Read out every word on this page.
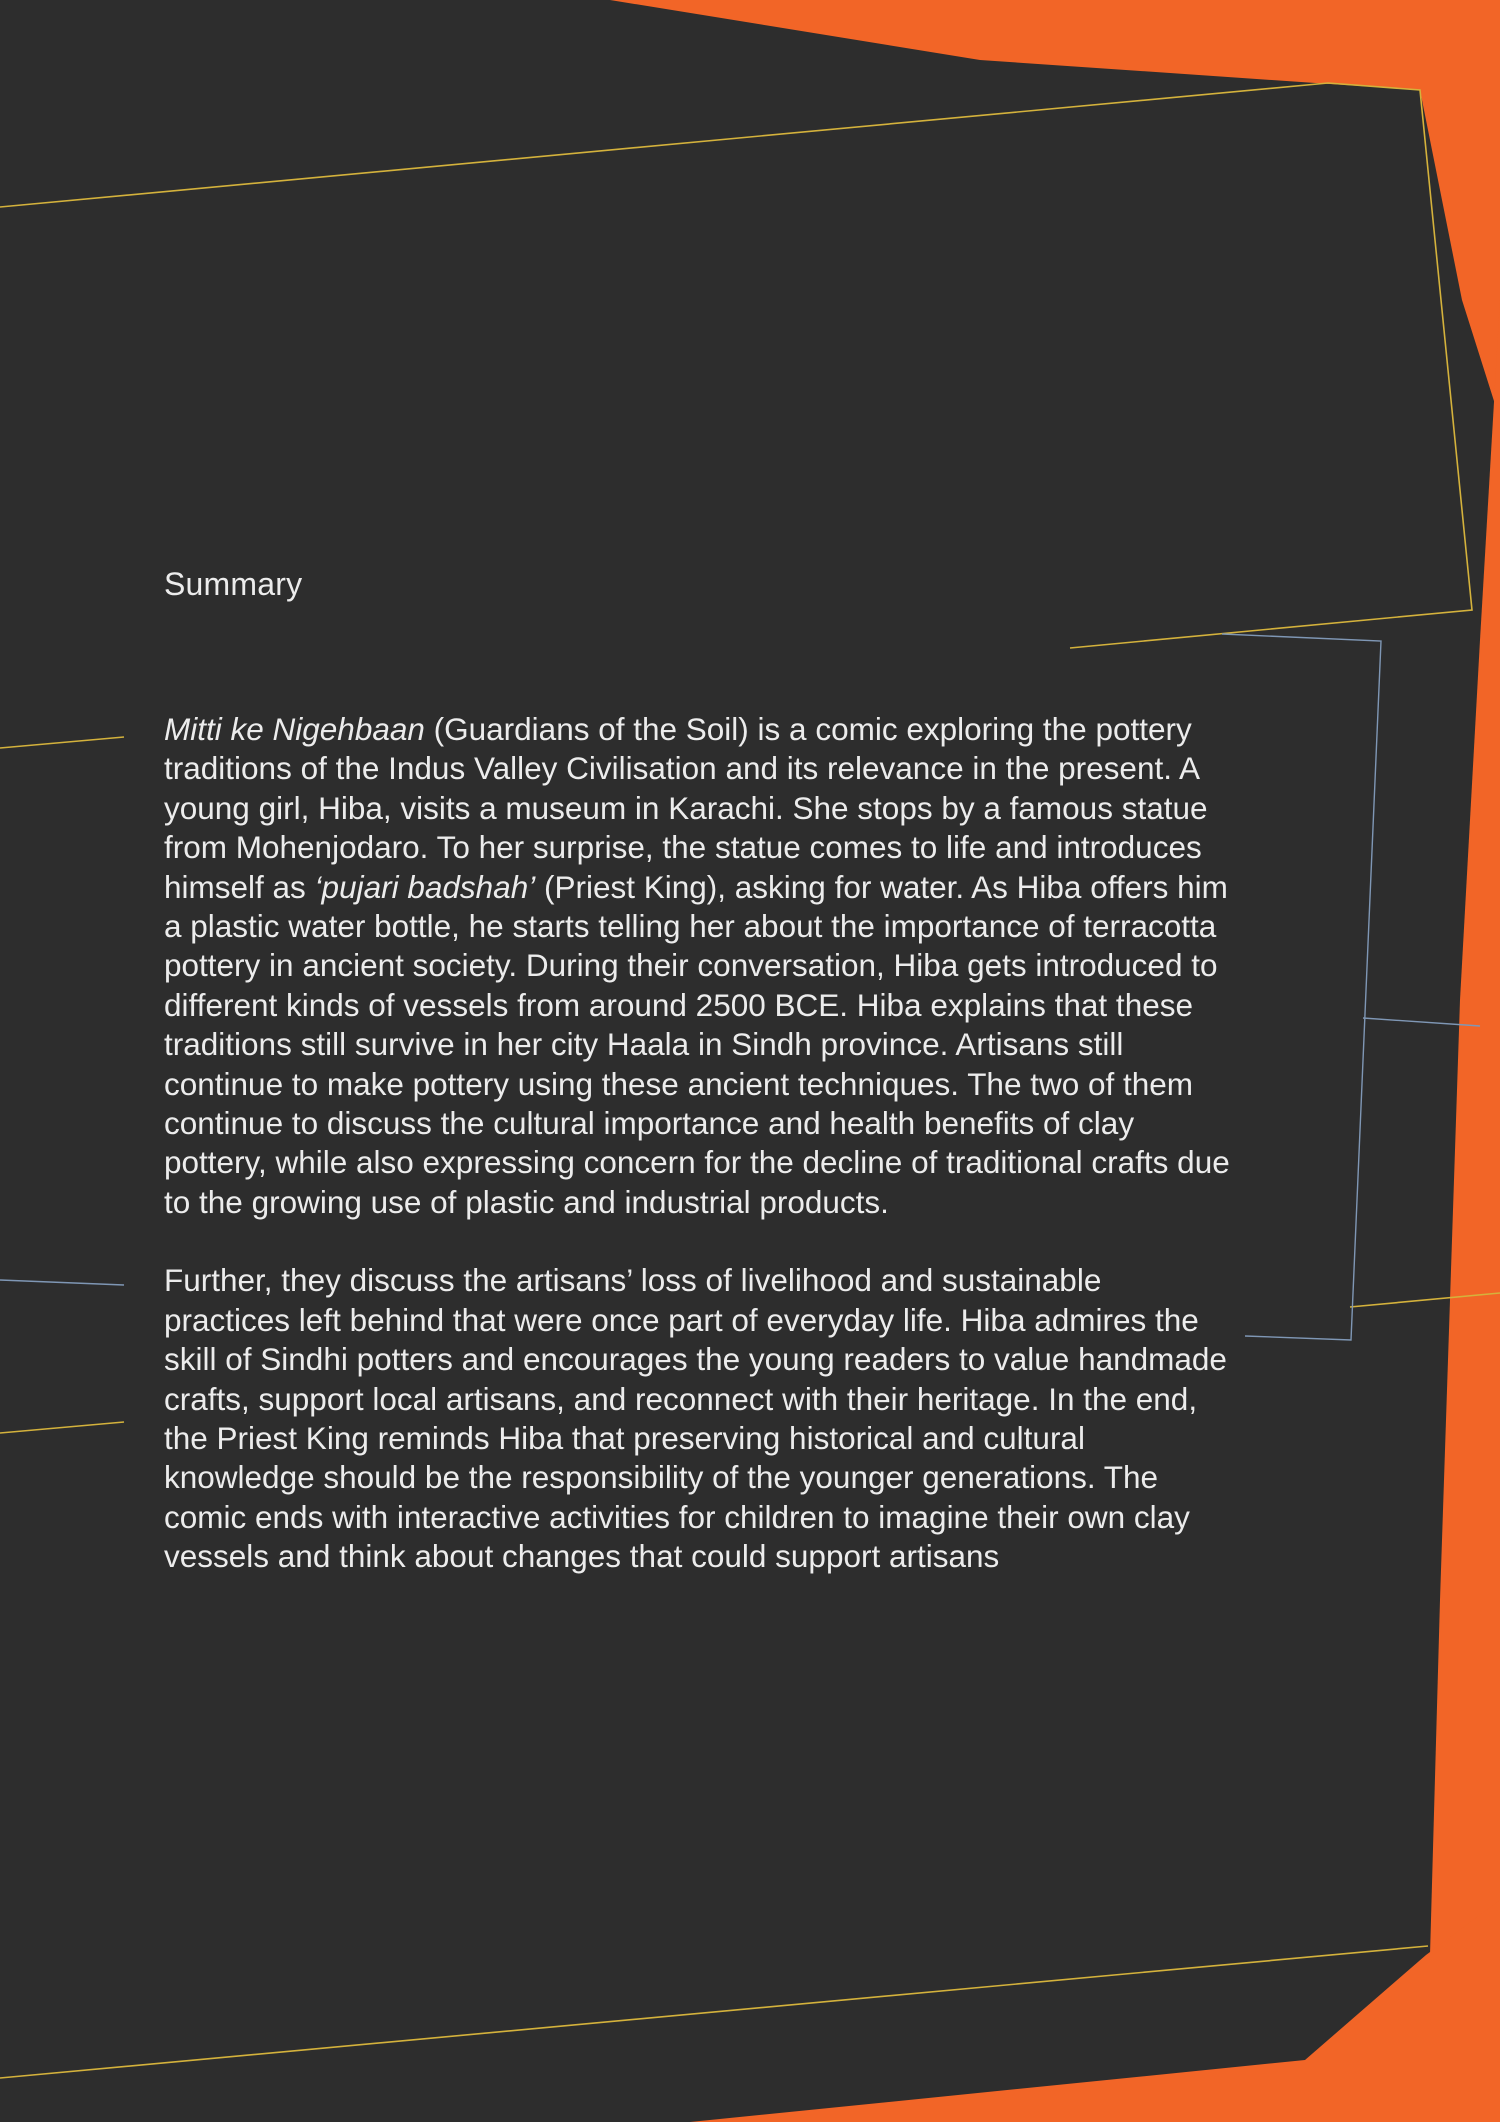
Summary

Mitti ke Nigehbaan (Guardians of the Soil) is a comic exploring the pottery traditions of the Indus Valley Civilisation and its relevance in the present. A young girl, Hiba, visits a museum in Karachi. She stops by a famous statue from Mohenjodaro. To her surprise, the statue comes to life and introduces himself as ‘pujari badshah’ (Priest King), asking for water. As Hiba offers him a plastic water bottle, he starts telling her about the importance of terracotta pottery in ancient society. During their conversation, Hiba gets introduced to different kinds of vessels from around 2500 BCE. Hiba explains that these traditions still survive in her city Haala in Sindh province. Artisans still continue to make pottery using these ancient techniques. The two of them continue to discuss the cultural importance and health benefits of clay pottery, while also expressing concern for the decline of traditional crafts due to the growing use of plastic and industrial products.

Further, they discuss the artisans’ loss of livelihood and sustainable practices left behind that were once part of everyday life. Hiba admires the skill of Sindhi potters and encourages the young readers to value handmade crafts, support local artisans, and reconnect with their heritage. In the end, the Priest King reminds Hiba that preserving historical and cultural knowledge should be the responsibility of the younger generations. The comic ends with interactive activities for children to imagine their own clay vessels and think about changes that could support artisans
